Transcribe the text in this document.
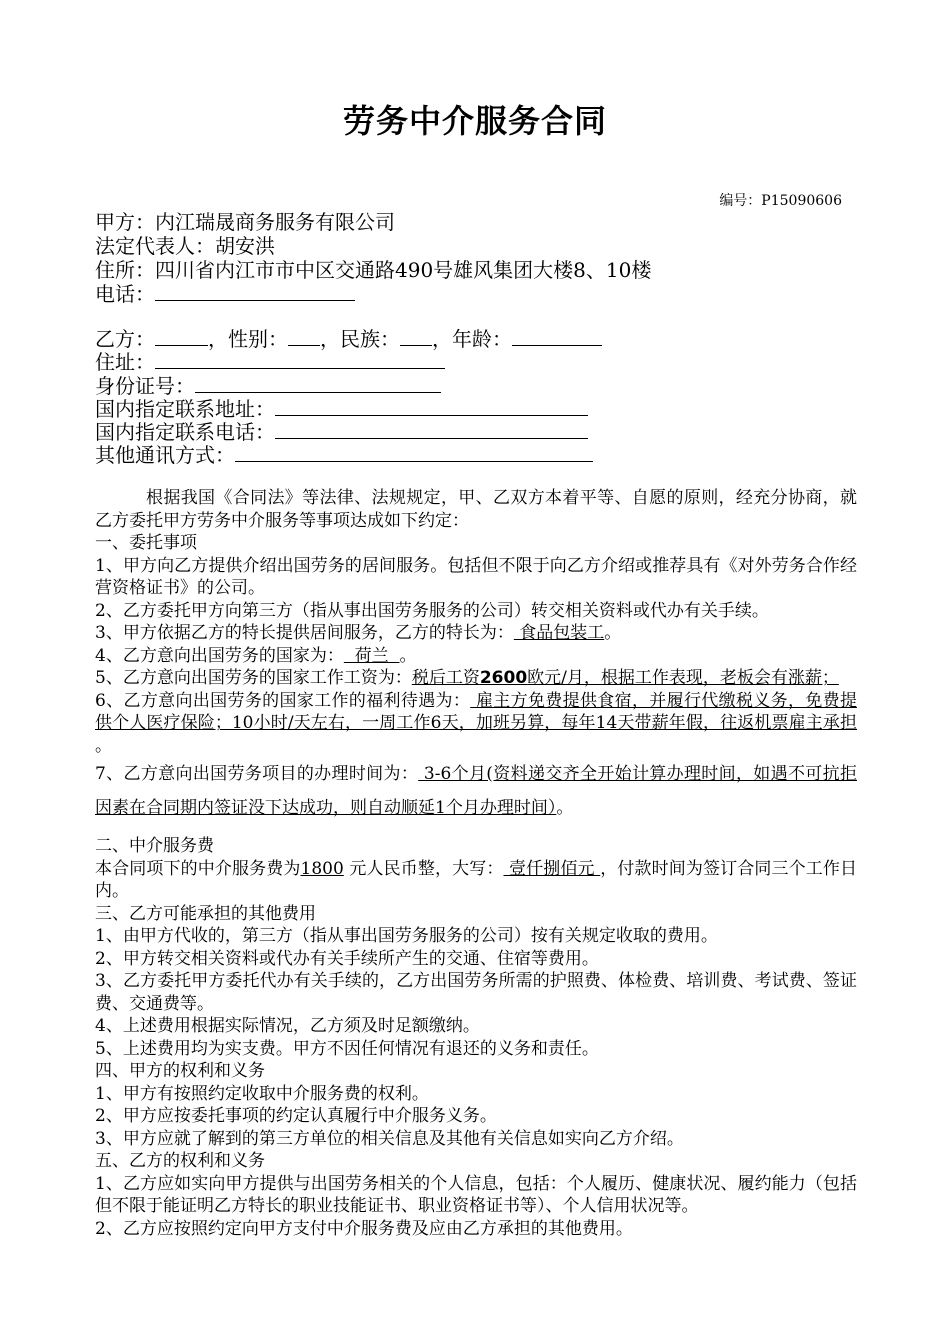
劳务中介服务合同
编号：P15090606
甲方：内江瑞晟商务服务有限公司
法定代表人：胡安洪
住所：四川省内江市市中区交通路490号雄风集团大楼8、10楼
电话：
乙方：	，性别： ，民族： ，年龄：
住址：
身份证号：
国内指定联系地址：
国内指定联系电话：
其他通讯方式：

根据我国《合同法》等法律、法规规定，甲、乙双方本着平等、自愿的原则，经充分协商，就乙方委托甲方劳务中介服务等事项达成如下约定：

一、委托事项

1、甲方向乙方提供介绍出国劳务的居间服务。包括但不限于向乙方介绍或推荐具有《对外劳务合作经营资格证书》的公司。

2、乙方委托甲方向第三方（指从事出国劳务服务的公司）转交相关资料或代办有关手续。

3、甲方依据乙方的特长提供居间服务，乙方的特长为： 食品包装工。

4、乙方意向出国劳务的国家为：  荷兰  。

5、乙方意向出国劳务的国家工作工资为：税后工资2600欧元/月，根据工作表现，老板会有涨薪；

6、乙方意向出国劳务的国家工作的福利待遇为： 雇主方免费提供食宿，并履行代缴税义务，免费提供个人医疗保险；10小时/天左右，一周工作6天，加班另算，每年14天带薪年假，往返机票雇主承担 。

7、乙方意向出国劳务项目的办理时间为： 3-6个月(资料递交齐全开始计算办理时间，如遇不可抗拒因素在合同期内签证没下达成功，则自动顺延1个月办理时间）。

二、中介服务费

本合同项下的中介服务费为1800 元人民币整，大写： 壹仟捌佰元 ，付款时间为签订合同三个工作日内。

三、乙方可能承担的其他费用

1、由甲方代收的，第三方（指从事出国劳务服务的公司）按有关规定收取的费用。

2、甲方转交相关资料或代办有关手续所产生的交通、住宿等费用。

3、乙方委托甲方委托代办有关手续的，乙方出国劳务所需的护照费、体检费、培训费、考试费、签证费、交通费等。

4、上述费用根据实际情况，乙方须及时足额缴纳。

5、上述费用均为实支费。甲方不因任何情况有退还的义务和责任。

四、甲方的权利和义务

1、甲方有按照约定收取中介服务费的权利。

2、甲方应按委托事项的约定认真履行中介服务义务。

3、甲方应就了解到的第三方单位的相关信息及其他有关信息如实向乙方介绍。

五、乙方的权利和义务

1、乙方应如实向甲方提供与出国劳务相关的个人信息，包括：个人履历、健康状况、履约能力（包括但不限于能证明乙方特长的职业技能证书、职业资格证书等）、个人信用状况等。

2、乙方应按照约定向甲方支付中介服务费及应由乙方承担的其他费用。
